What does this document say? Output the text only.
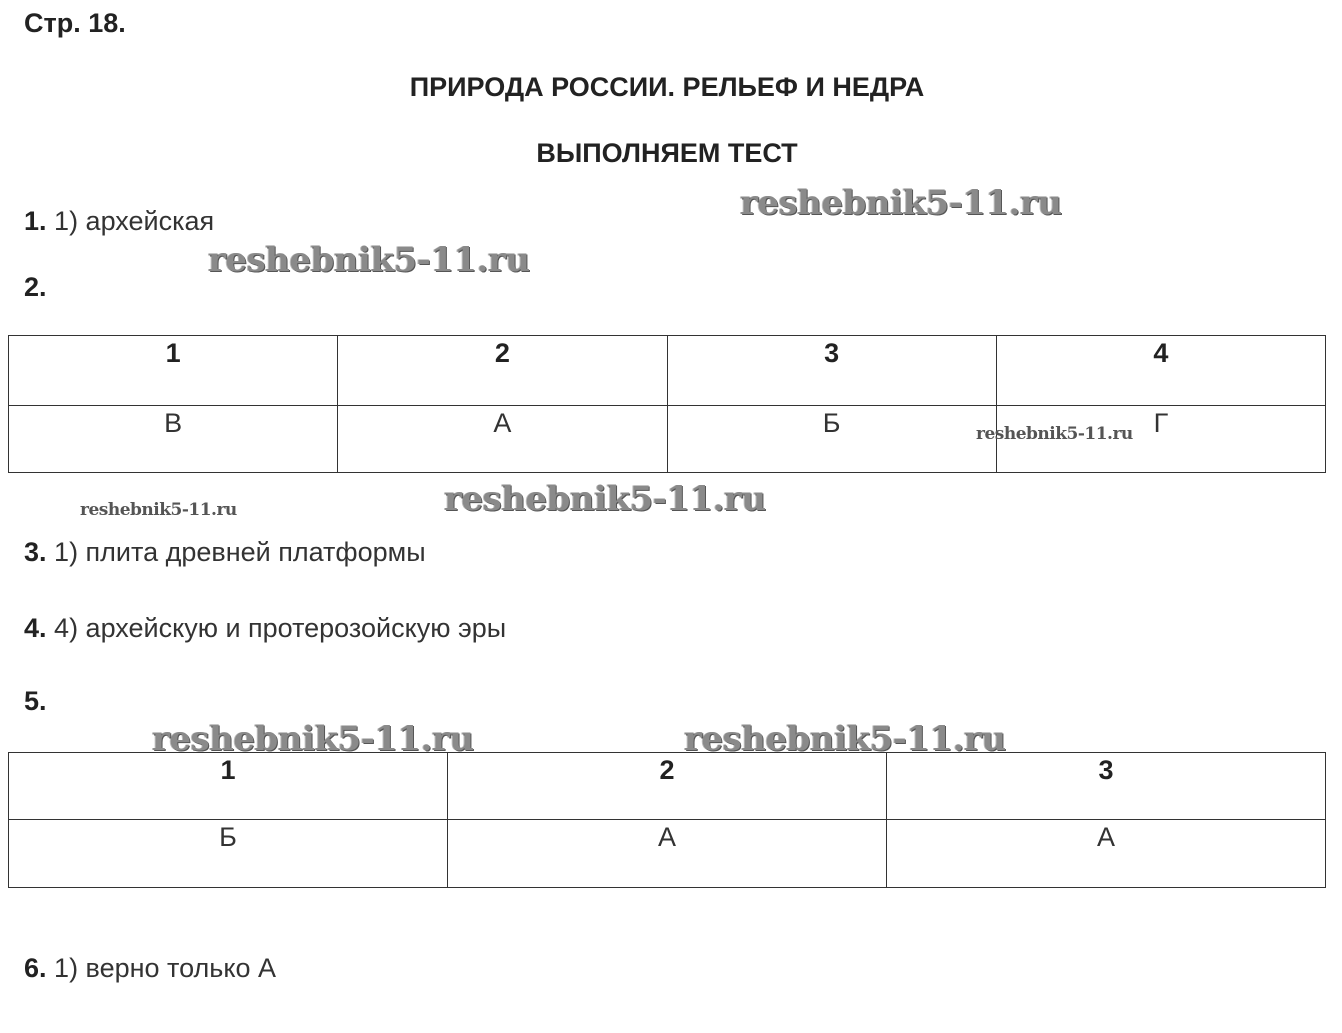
Стр. 18.
ПРИРОДА РОССИИ. РЕЛЬЕФ И НЕДРА
ВЫПОЛНЯЕМ ТЕСТ
1. 1) архейская
2.
1	2	3	4
В	А	Б	Г
3. 1) плита древней платформы
4. 4) архейскую и протерозойскую эры
5.
1	2	3
Б	А	А
6. 1) верно только А
reshebnik5-11.ru
reshebnik5-11.ru
reshebnik5-11.ru
reshebnik5-11.ru	reshebnik5-11.ru
reshebnik5-11.ru	reshebnik5-11.ru
